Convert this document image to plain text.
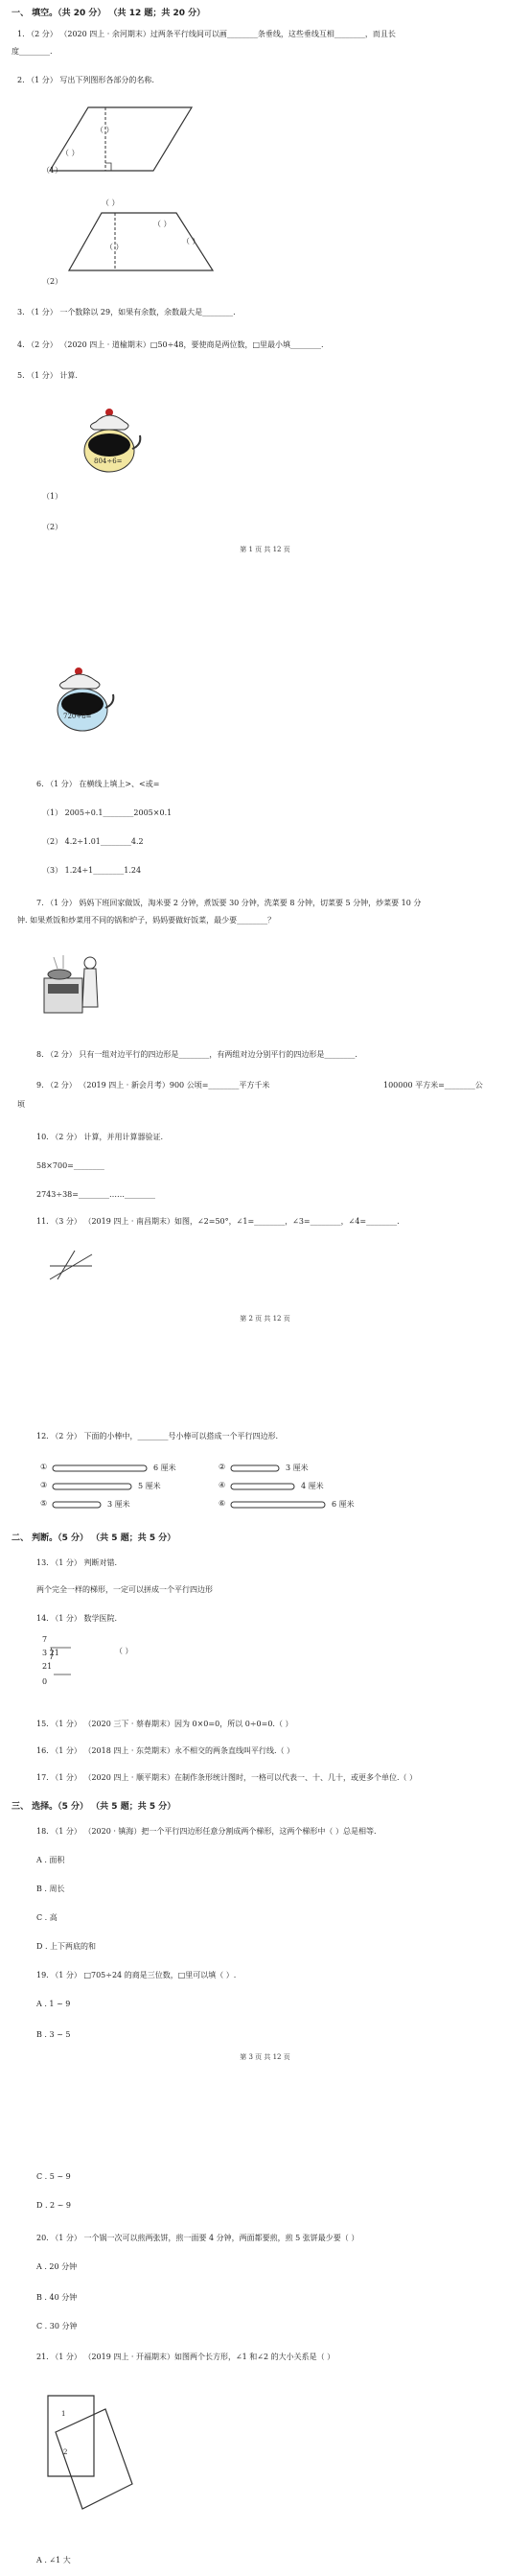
一、 填空。（共 20 分） （共 12 题；共 20 分）
1. （2 分） （2020 四上 · 余河期末）过两条平行线间可以画________条垂线，这些垂线互相________，而且长
度________.
2. （1 分） 写出下列图形各部分的名称.
（ ）
（ ）
（1）
（ ）
（ ）
（ ）
（ ）
（2）
3. （1 分） 一个数除以 29，如果有余数，余数最大是________.
4. （2 分） （2020 四上 · 道榆期末）□50÷48，要使商是两位数，□里最小填________.
5. （1 分） 计算.
804÷6=
（1）
（2）
第 1 页 共 12 页
720÷8=
6. （1 分） 在横线上填上>、<或=
（1） 2005÷0.1________2005×0.1
（2） 4.2÷1.01________4.2
（3） 1.24÷1________1.24
7. （1 分） 妈妈下班回家做饭，淘米要 2 分钟，煮饭要 30 分钟，洗菜要 8 分钟，切菜要 5 分钟，炒菜要 10 分
钟. 如果煮饭和炒菜用不同的锅和炉子，妈妈要做好饭菜，最少要________？
8. （2 分） 只有一组对边平行的四边形是________，有两组对边分别平行的四边形是________.
9. （2 分） （2019 四上 · 新会月考）900 公顷=________平方千米	100000 平方米=________公
顷
10. （2 分） 计算，并用计算器验证.
58×700=________
2743÷38=________……________
11. （3 分） （2019 四上 · 南昌期末）如图，∠2=50°，∠1=________，∠3=________，∠4=________.
第 2 页 共 12 页
12. （2 分） 下面的小棒中，________号小棒可以搭成一个平行四边形.
①	6 厘米	②	3 厘米
③	5 厘米	④	4 厘米
⑤	3 厘米	⑥	6 厘米
二、 判断。（5 分） （共 5 题；共 5 分）
13. （1 分） 判断对错.
两个完全一样的梯形，一定可以拼成一个平行四边形
14. （1 分） 数学医院.
7
3 21
21
0
（ ）
15. （1 分） （2020 三下 · 蔡春期末）因为 0×0=0，所以 0÷0=0.（ ）
16. （1 分） （2018 四上 · 东莞期末）永不相交的两条直线叫平行线.（ ）
17. （1 分） （2020 四上 · 顺平期末）在制作条形统计图时，一格可以代表一、十、几十，或更多个单位.（ ）
三、 选择。（5 分） （共 5 题；共 5 分）
18. （1 分） （2020 · 镇海）把一个平行四边形任意分割成两个梯形，这两个梯形中（ ）总是相等.
A . 面积
B . 周长
C . 高
D . 上下两底的和
19. （1 分） □705÷24 的商是三位数，□里可以填（ ）.
A . 1 ~ 9
B . 3 ~ 5
第 3 页 共 12 页
C . 5 ~ 9
D . 2 ~ 9
20. （1 分） 一个锅一次可以煎两张饼，煎一面要 4 分钟，两面都要煎，煎 5 张饼最少要（ ）
A . 20 分钟
B . 40 分钟
C . 30 分钟
21. （1 分） （2019 四上 · 开福期末）如图两个长方形，∠1 和∠2 的大小关系是（ ）
1
2
A . ∠1 大
